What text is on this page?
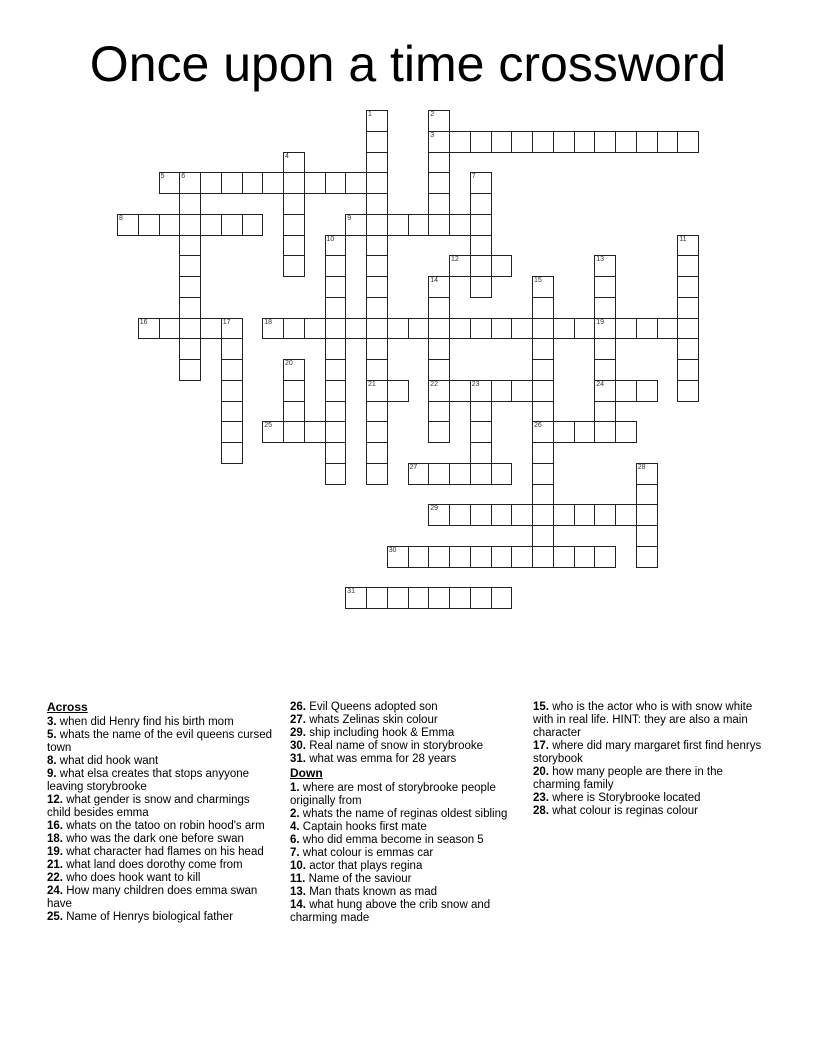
Once upon a time crossword
1
21
2
3
4
5 6	7
8	9
10	11
12	13
19
24
14
22
15
26
16	17	18
20
23
25
27	28
29
30
31
Across
3. when did Henry find his birth mom
5. whats the name of the evil queens cursed town
8. what did hook want
9. what elsa creates that stops anyyone leaving storybrooke
12. what gender is snow and charmings child besides emma
16. whats on the tatoo on robin hood's arm
18. who was the dark one before swan
19. what character had flames on his head
21. what land does dorothy come from
22. who does hook want to kill
24. How many children does emma swan have
25. Name of Henrys biological father
26. Evil Queens adopted son
27. whats Zelinas skin colour
29. ship including hook & Emma
30. Real name of snow in storybrooke
31. what was emma for 28 years
Down
1. where are most of storybrooke people originally from
2. whats the name of reginas oldest sibling
4. Captain hooks first mate
6. who did emma become in season 5
7. what colour is emmas car
10. actor that plays regina
11. Name of the saviour
13. Man thats known as mad
14. what hung above the crib snow and charming made
15. who is the actor who is with snow white with in real life. HINT: they are also a main character
17. where did mary margaret first find henrys storybook
20. how many people are there in the charming family
23. where is Storybrooke located
28. what colour is reginas colour
